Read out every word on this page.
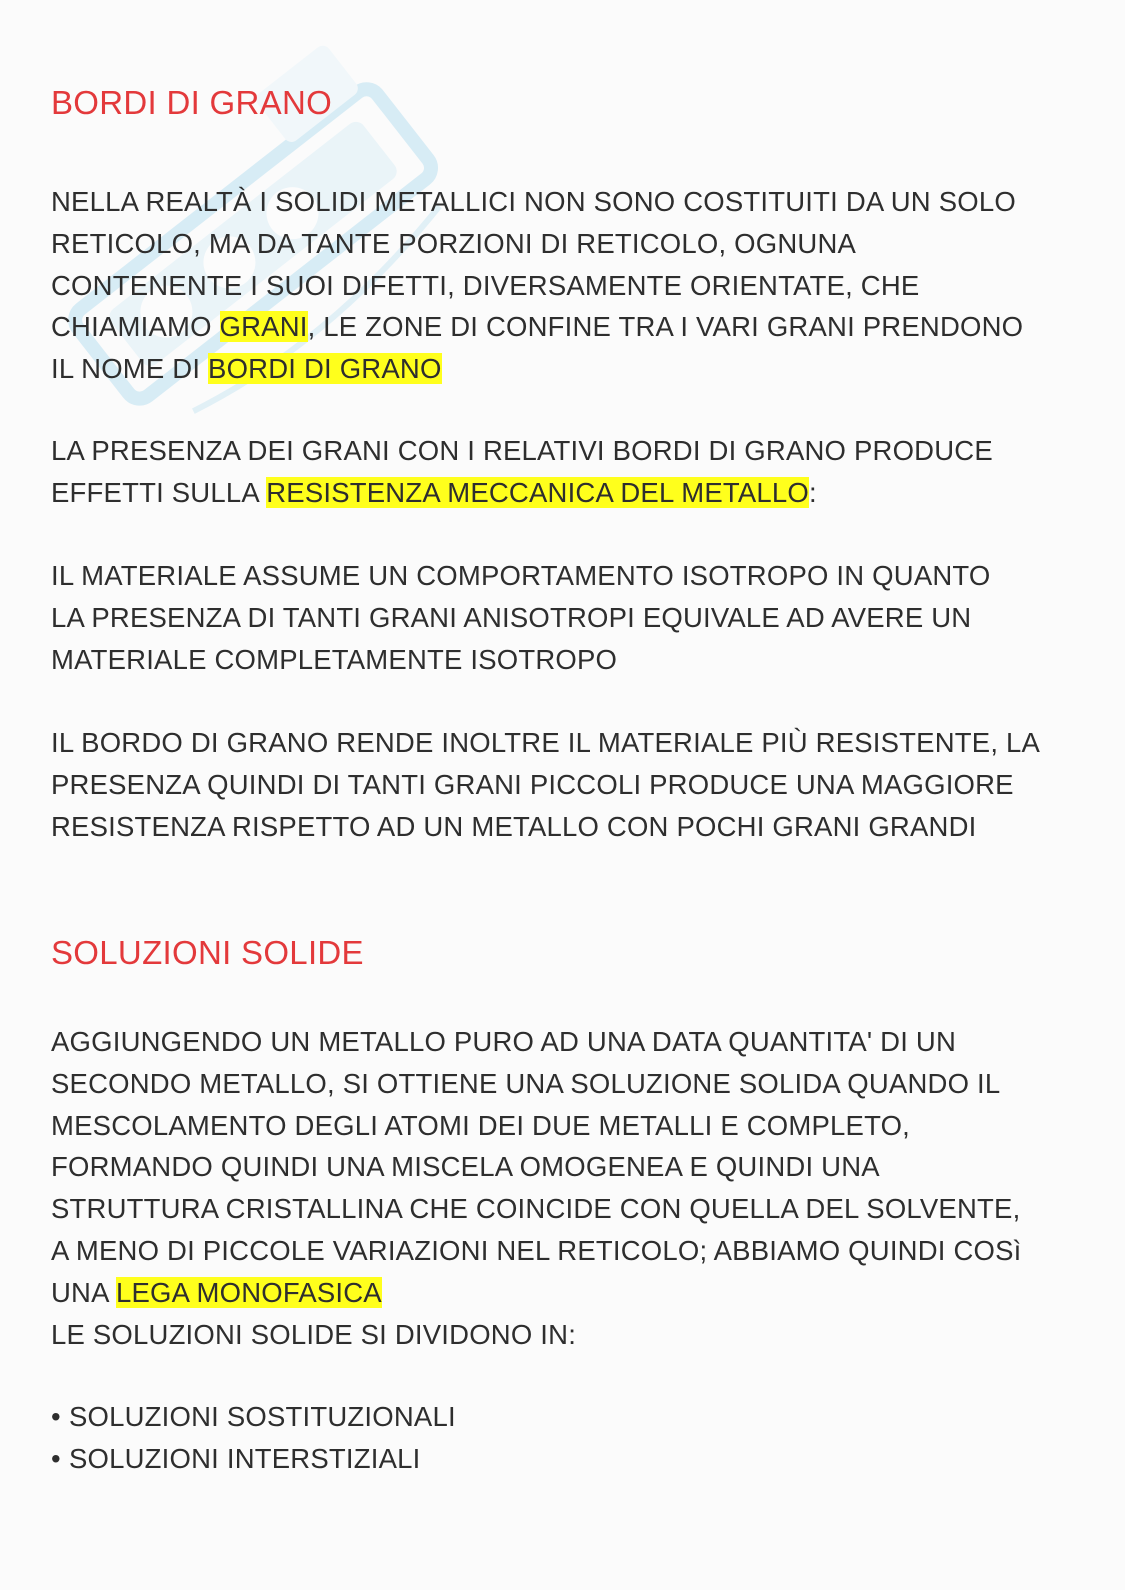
BORDI DI GRANO

NELLA REALTÀ I SOLIDI METALLICI NON SONO COSTITUITI DA UN SOLO
RETICOLO, MA DA TANTE PORZIONI DI RETICOLO, OGNUNA
CONTENENTE I SUOI DIFETTI, DIVERSAMENTE ORIENTATE, CHE
CHIAMIAMO GRANI, LE ZONE DI CONFINE TRA I VARI GRANI PRENDONO
IL NOME DI BORDI DI GRANO

LA PRESENZA DEI GRANI CON I RELATIVI BORDI DI GRANO PRODUCE
EFFETTI SULLA RESISTENZA MECCANICA DEL METALLO:

IL MATERIALE ASSUME UN COMPORTAMENTO ISOTROPO IN QUANTO
LA PRESENZA DI TANTI GRANI ANISOTROPI EQUIVALE AD AVERE UN
MATERIALE COMPLETAMENTE ISOTROPO

IL BORDO DI GRANO RENDE INOLTRE IL MATERIALE PIÙ RESISTENTE, LA
PRESENZA QUINDI DI TANTI GRANI PICCOLI PRODUCE UNA MAGGIORE
RESISTENZA RISPETTO AD UN METALLO CON POCHI GRANI GRANDI

SOLUZIONI SOLIDE

AGGIUNGENDO UN METALLO PURO AD UNA DATA QUANTITA' DI UN
SECONDO METALLO, SI OTTIENE UNA SOLUZIONE SOLIDA QUANDO IL
MESCOLAMENTO DEGLI ATOMI DEI DUE METALLI E COMPLETO,
FORMANDO QUINDI UNA MISCELA OMOGENEA E QUINDI UNA
STRUTTURA CRISTALLINA CHE COINCIDE CON QUELLA DEL SOLVENTE,
A MENO DI PICCOLE VARIAZIONI NEL RETICOLO; ABBIAMO QUINDI COSì
UNA LEGA MONOFASICA
LE SOLUZIONI SOLIDE SI DIVIDONO IN:

• SOLUZIONI SOSTITUZIONALI
• SOLUZIONI INTERSTIZIALI
